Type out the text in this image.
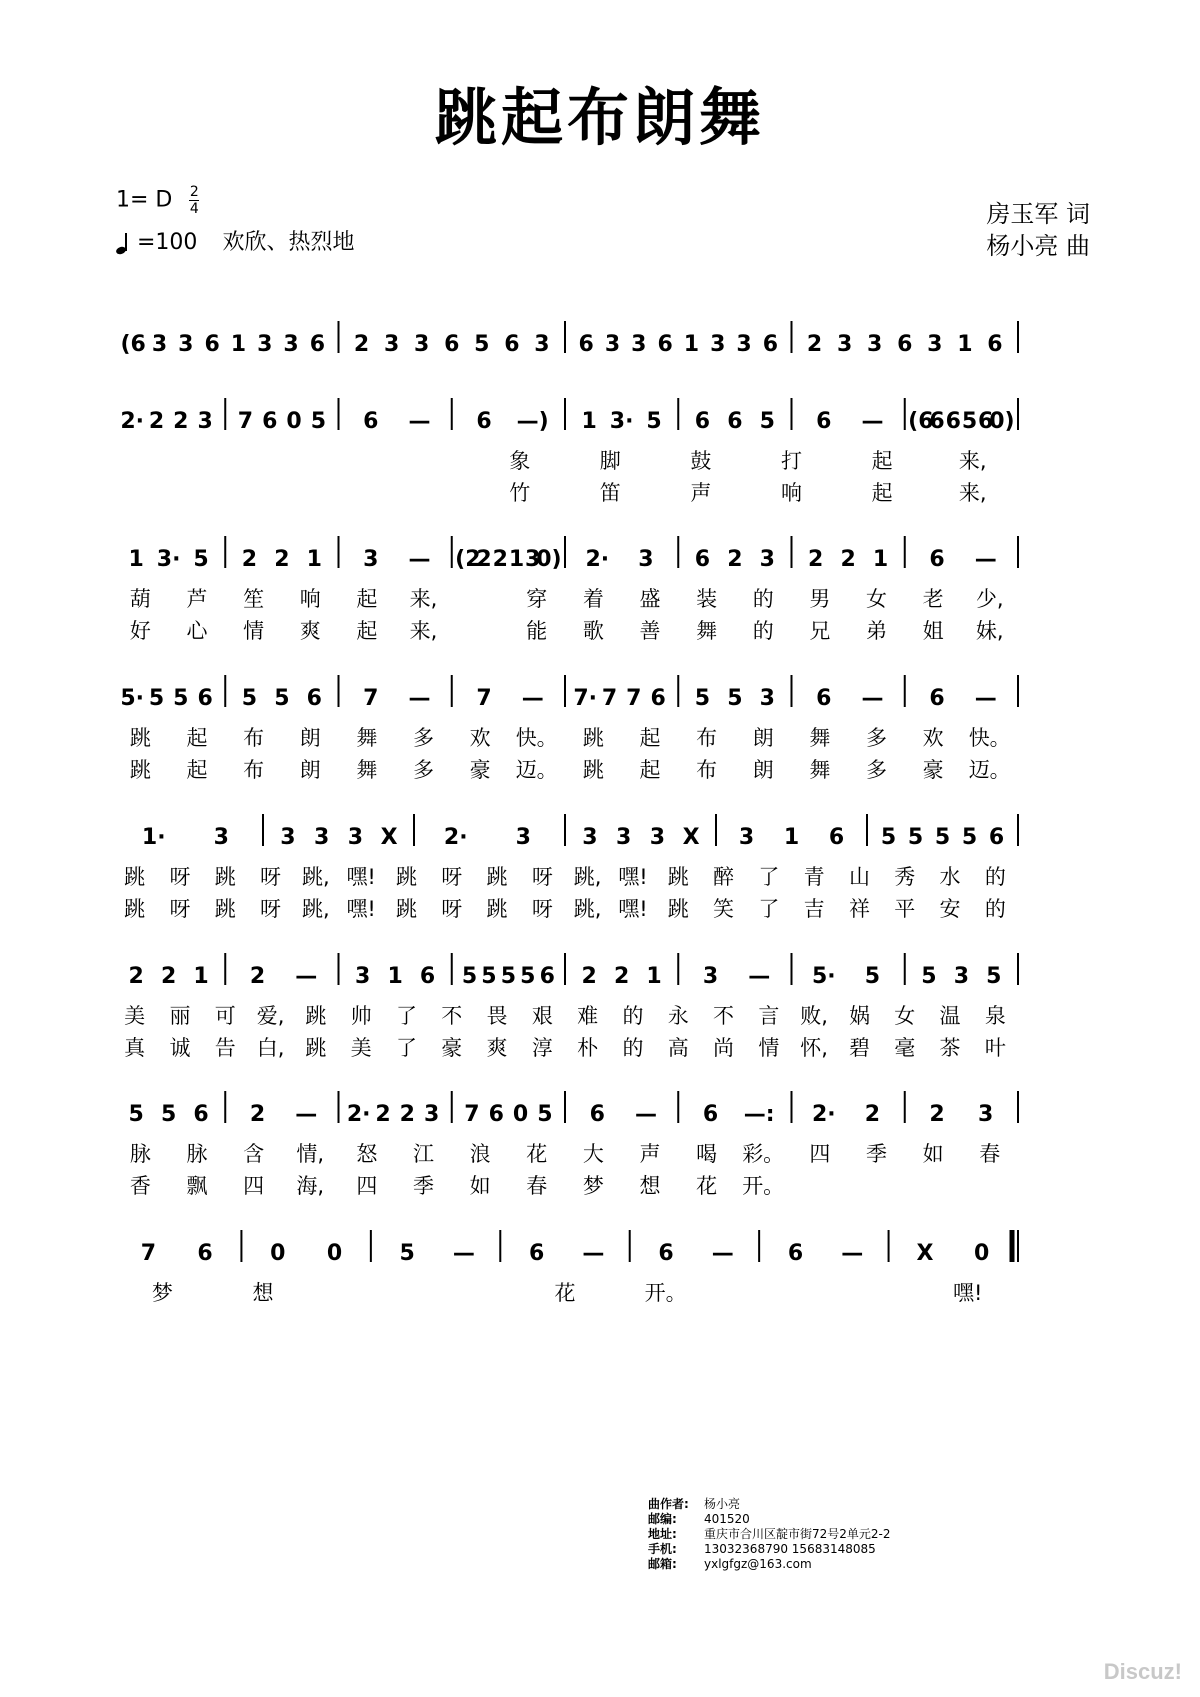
跳起布朗舞
1= D $\frac{2}{4}$
=100 欢欣、热烈地
房玉军 词
杨小亮 曲
(6 3 3 6 1 3 3 6 2 3 3 6 5 6 3 6 3 3 6 1 3 3 6 2 3 3 6 3 1 6
2· 2 2 3 7 6 0 5 6 — 6 —) 1 3· 5 6 6 5 6 — (6
6 6 5 6
0)
象	脚	鼓	打	起	来,
竹	笛	声	响	起	来,
1 3· 5 2 2 1 3 — (2
2 2 1 3
0) 2· 3 6 2 3 2 2 1 6 —
葫 芦 笙 响 起 来,	穿 着 盛 装 的 男 女 老 少,
好 心 情 爽 起 来,	能 歌 善 舞 的 兄 弟 姐 妹,
5· 5 5 6 5 5 6 7 — 7 — 7· 7 7 6 5 5 3 6 — 6 —
跳 起 布 朗 舞 多 欢 快。 跳 起 布 朗 舞 多 欢 快。
跳 起 布 朗 舞 多 豪 迈。 跳 起 布 朗 舞 多 豪 迈。
1· 3 3 3 3 X 2· 3 3 3 3 X 3 1 6 5 5 5 5 6
跳 呀 跳 呀 跳, 嘿! 跳 呀 跳 呀 跳, 嘿! 跳 醉 了 青 山 秀 水 的
跳 呀 跳 呀 跳, 嘿! 跳 呀 跳 呀 跳, 嘿! 跳 笑 了 吉 祥 平 安 的
2 2 1 2 — 3 1 6 5 5 5 5 6 2 2 1 3 — 5· 5 5 3 5
美 丽 可 爱, 跳 帅 了 不 畏 艰 难 的 永 不 言 败, 娲 女 温 泉
真 诚 告 白, 跳 美 了 豪 爽 淳 朴 的 高 尚 情 怀, 碧 毫 茶 叶
5 5 6 2 — 2· 2 2 3 7 6 0 5 6 — 6 —: 2· 2 2 3
脉 脉 含 情, 怒 江 浪 花 大 声 喝 彩。 四 季 如 春
香 飘 四 海, 四 季 如 春 梦 想 花 开。
7 6	0 0	5 — 6 — 6 — 6 — X 0
梦	想	花	开。	嘿!
曲作者: 杨小亮
邮编: 401520
地址: 重庆市合川区靛市街72号2单元2-2
手机: 13032368790 15683148085
邮箱: yxlgfgz@163.com
Discuz!
